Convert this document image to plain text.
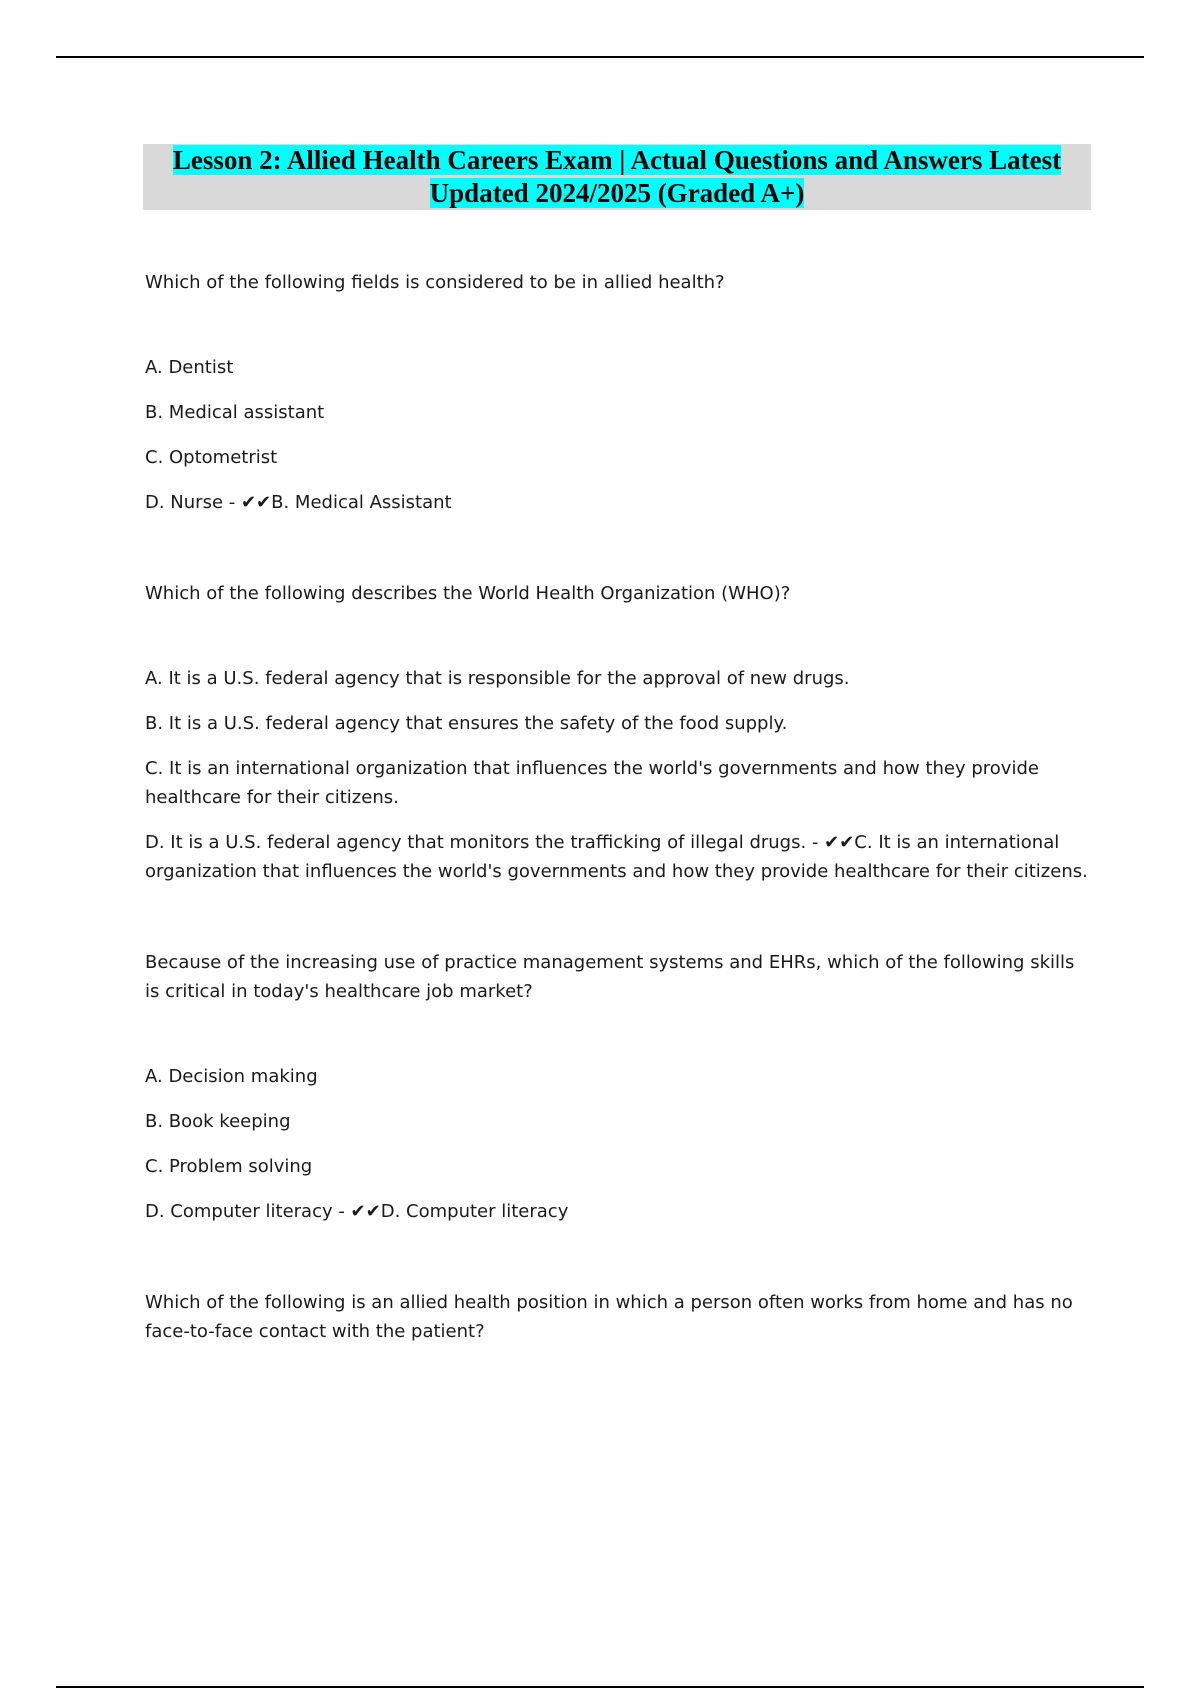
Lesson 2: Allied Health Careers Exam | Actual Questions and Answers Latest
Updated 2024/2025 (Graded A+)
Which of the following fields is considered to be in allied health?
A. Dentist
B. Medical assistant
C. Optometrist
D. Nurse - ✔✔B. Medical Assistant
Which of the following describes the World Health Organization (WHO)?
A. It is a U.S. federal agency that is responsible for the approval of new drugs.
B. It is a U.S. federal agency that ensures the safety of the food supply.
C. It is an international organization that influences the world's governments and how they provide healthcare for their citizens.
D. It is a U.S. federal agency that monitors the trafficking of illegal drugs. - ✔✔C. It is an international organization that influences the world's governments and how they provide healthcare for their citizens.
Because of the increasing use of practice management systems and EHRs, which of the following skills is critical in today's healthcare job market?
A. Decision making
B. Book keeping
C. Problem solving
D. Computer literacy - ✔✔D. Computer literacy
Which of the following is an allied health position in which a person often works from home and has no face-to-face contact with the patient?
